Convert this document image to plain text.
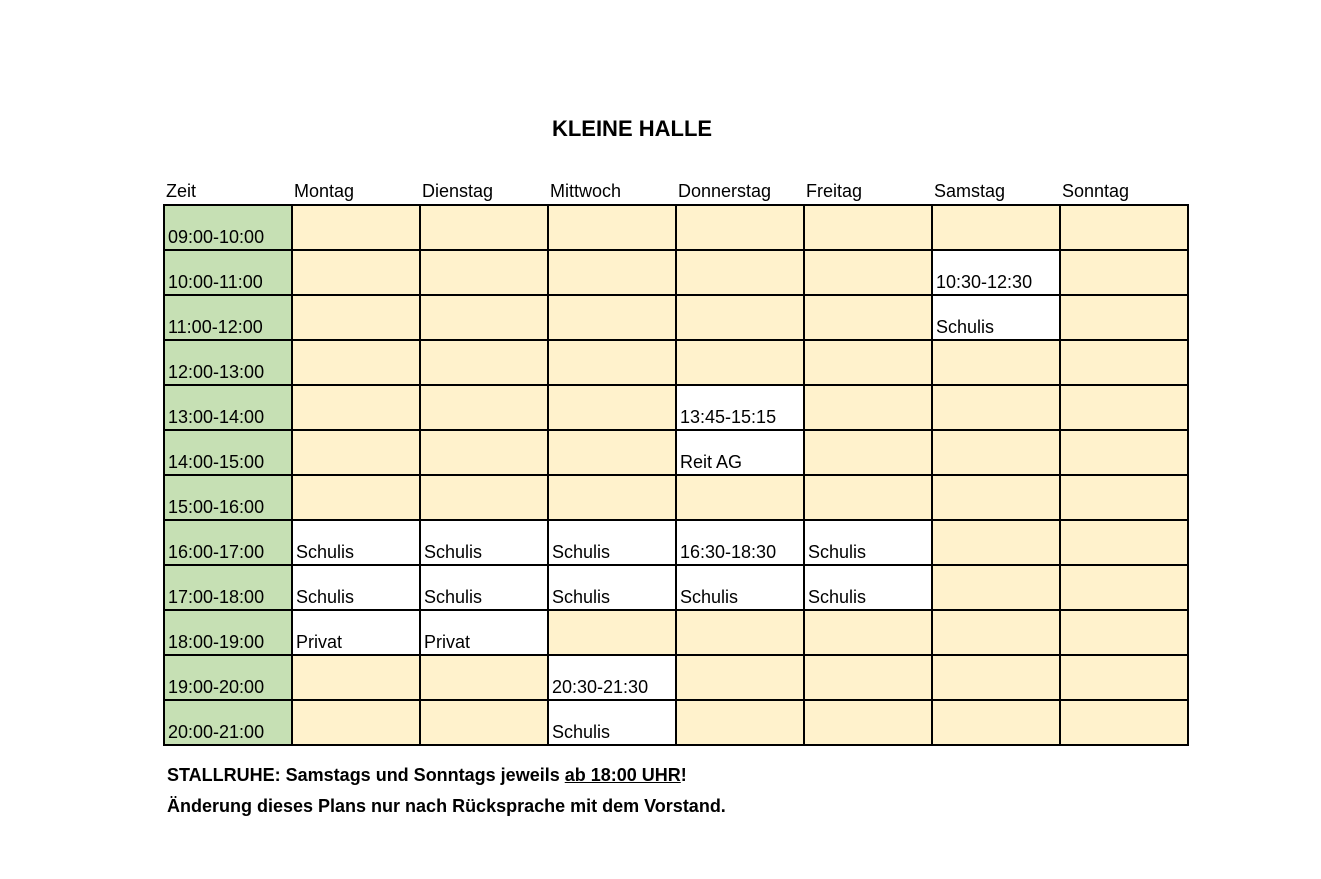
KLEINE HALLE
Zeit	Montag	Dienstag	Mittwoch	Donnerstag	Freitag	Samstag	Sonntag
09:00-10:00							
10:00-11:00						10:30-12:30	
11:00-12:00						Schulis	
12:00-13:00							
13:00-14:00				13:45-15:15			
14:00-15:00				Reit AG			
15:00-16:00							
16:00-17:00	Schulis	Schulis	Schulis	16:30-18:30	Schulis		
17:00-18:00	Schulis	Schulis	Schulis	Schulis	Schulis		
18:00-19:00	Privat	Privat					
19:00-20:00			20:30-21:30				
20:00-21:00			Schulis				
STALLRUHE: Samstags und Sonntags jeweils ab 18:00 UHR!
Änderung dieses Plans nur nach Rücksprache mit dem Vorstand.
